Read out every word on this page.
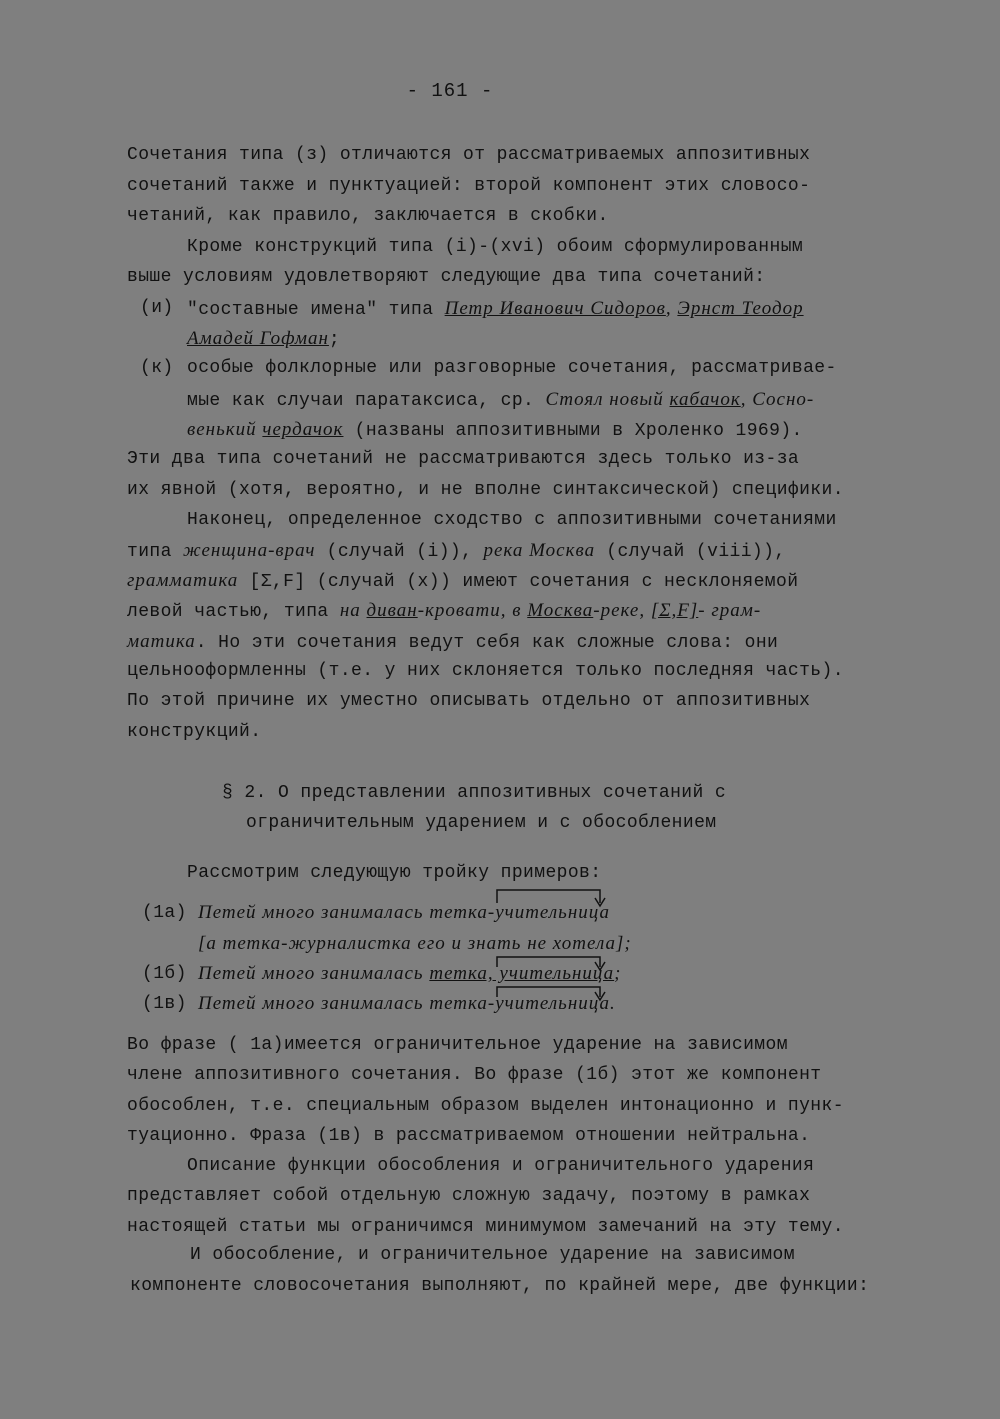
- 161 -
Сочетания типа (з) отличаются от рассматриваемых аппозитивных
сочетаний также и пунктуацией: второй компонент этих словосо-
четаний, как правило, заключается в скобки.
Кроме конструкций типа (i)-(xvi) обоим сформулированным
выше условиям удовлетворяют следующие два типа сочетаний:
(и) "составные имена" типа Петр Иванович Сидоров, Эрнст Теодор
Амадей Гофман;
(к) особые фолклорные или разговорные сочетания, рассматривае-
мые как случаи паратаксиса, ср. Стоял новый кабачок, Сосно-
венький чердачок (названы аппозитивными в Хроленко 1969).
Эти два типа сочетаний не рассматриваются здесь только из-за
их явной (хотя, вероятно, и не вполне синтаксической) специфики.
Наконец, определенное сходство с аппозитивными сочетаниями
типа женщина-врач (случай (i)), река Москва (случай (viii)),
грамматика [Σ,F] (случай (x)) имеют сочетания с несклоняемой
левой частью, типа на диван-кровати, в Москва-реке, [Σ,F]- грам-
матика. Но эти сочетания ведут себя как сложные слова: они
цельнооформленны (т.е. у них склоняется только последняя часть).
По этой причине их уместно описывать отдельно от аппозитивных
конструкций.
§ 2. О представлении аппозитивных сочетаний с
ограничительным ударением и с обособлением
Рассмотрим следующую тройку примеров:
(1а) Петей много занималась тетка-учительница
[а тетка-журналистка его и знать не хотела];
(1б) Петей много занималась тетка, учительница;
(1в) Петей много занималась тетка-учительница.
Во фразе ( 1а)имеется ограничительное ударение на зависимом
члене аппозитивного сочетания. Во фразе (1б) этот же компонент
обособлен, т.е. специальным образом выделен интонационно и пунк-
туационно. Фраза (1в) в рассматриваемом отношении нейтральна.
Описание функции обособления и ограничительного ударения
представляет собой отдельную сложную задачу, поэтому в рамках
настоящей статьи мы ограничимся минимумом замечаний на эту тему.
И обособление, и ограничительное ударение на зависимом
компоненте словосочетания выполняют, по крайней мере, две функции:
